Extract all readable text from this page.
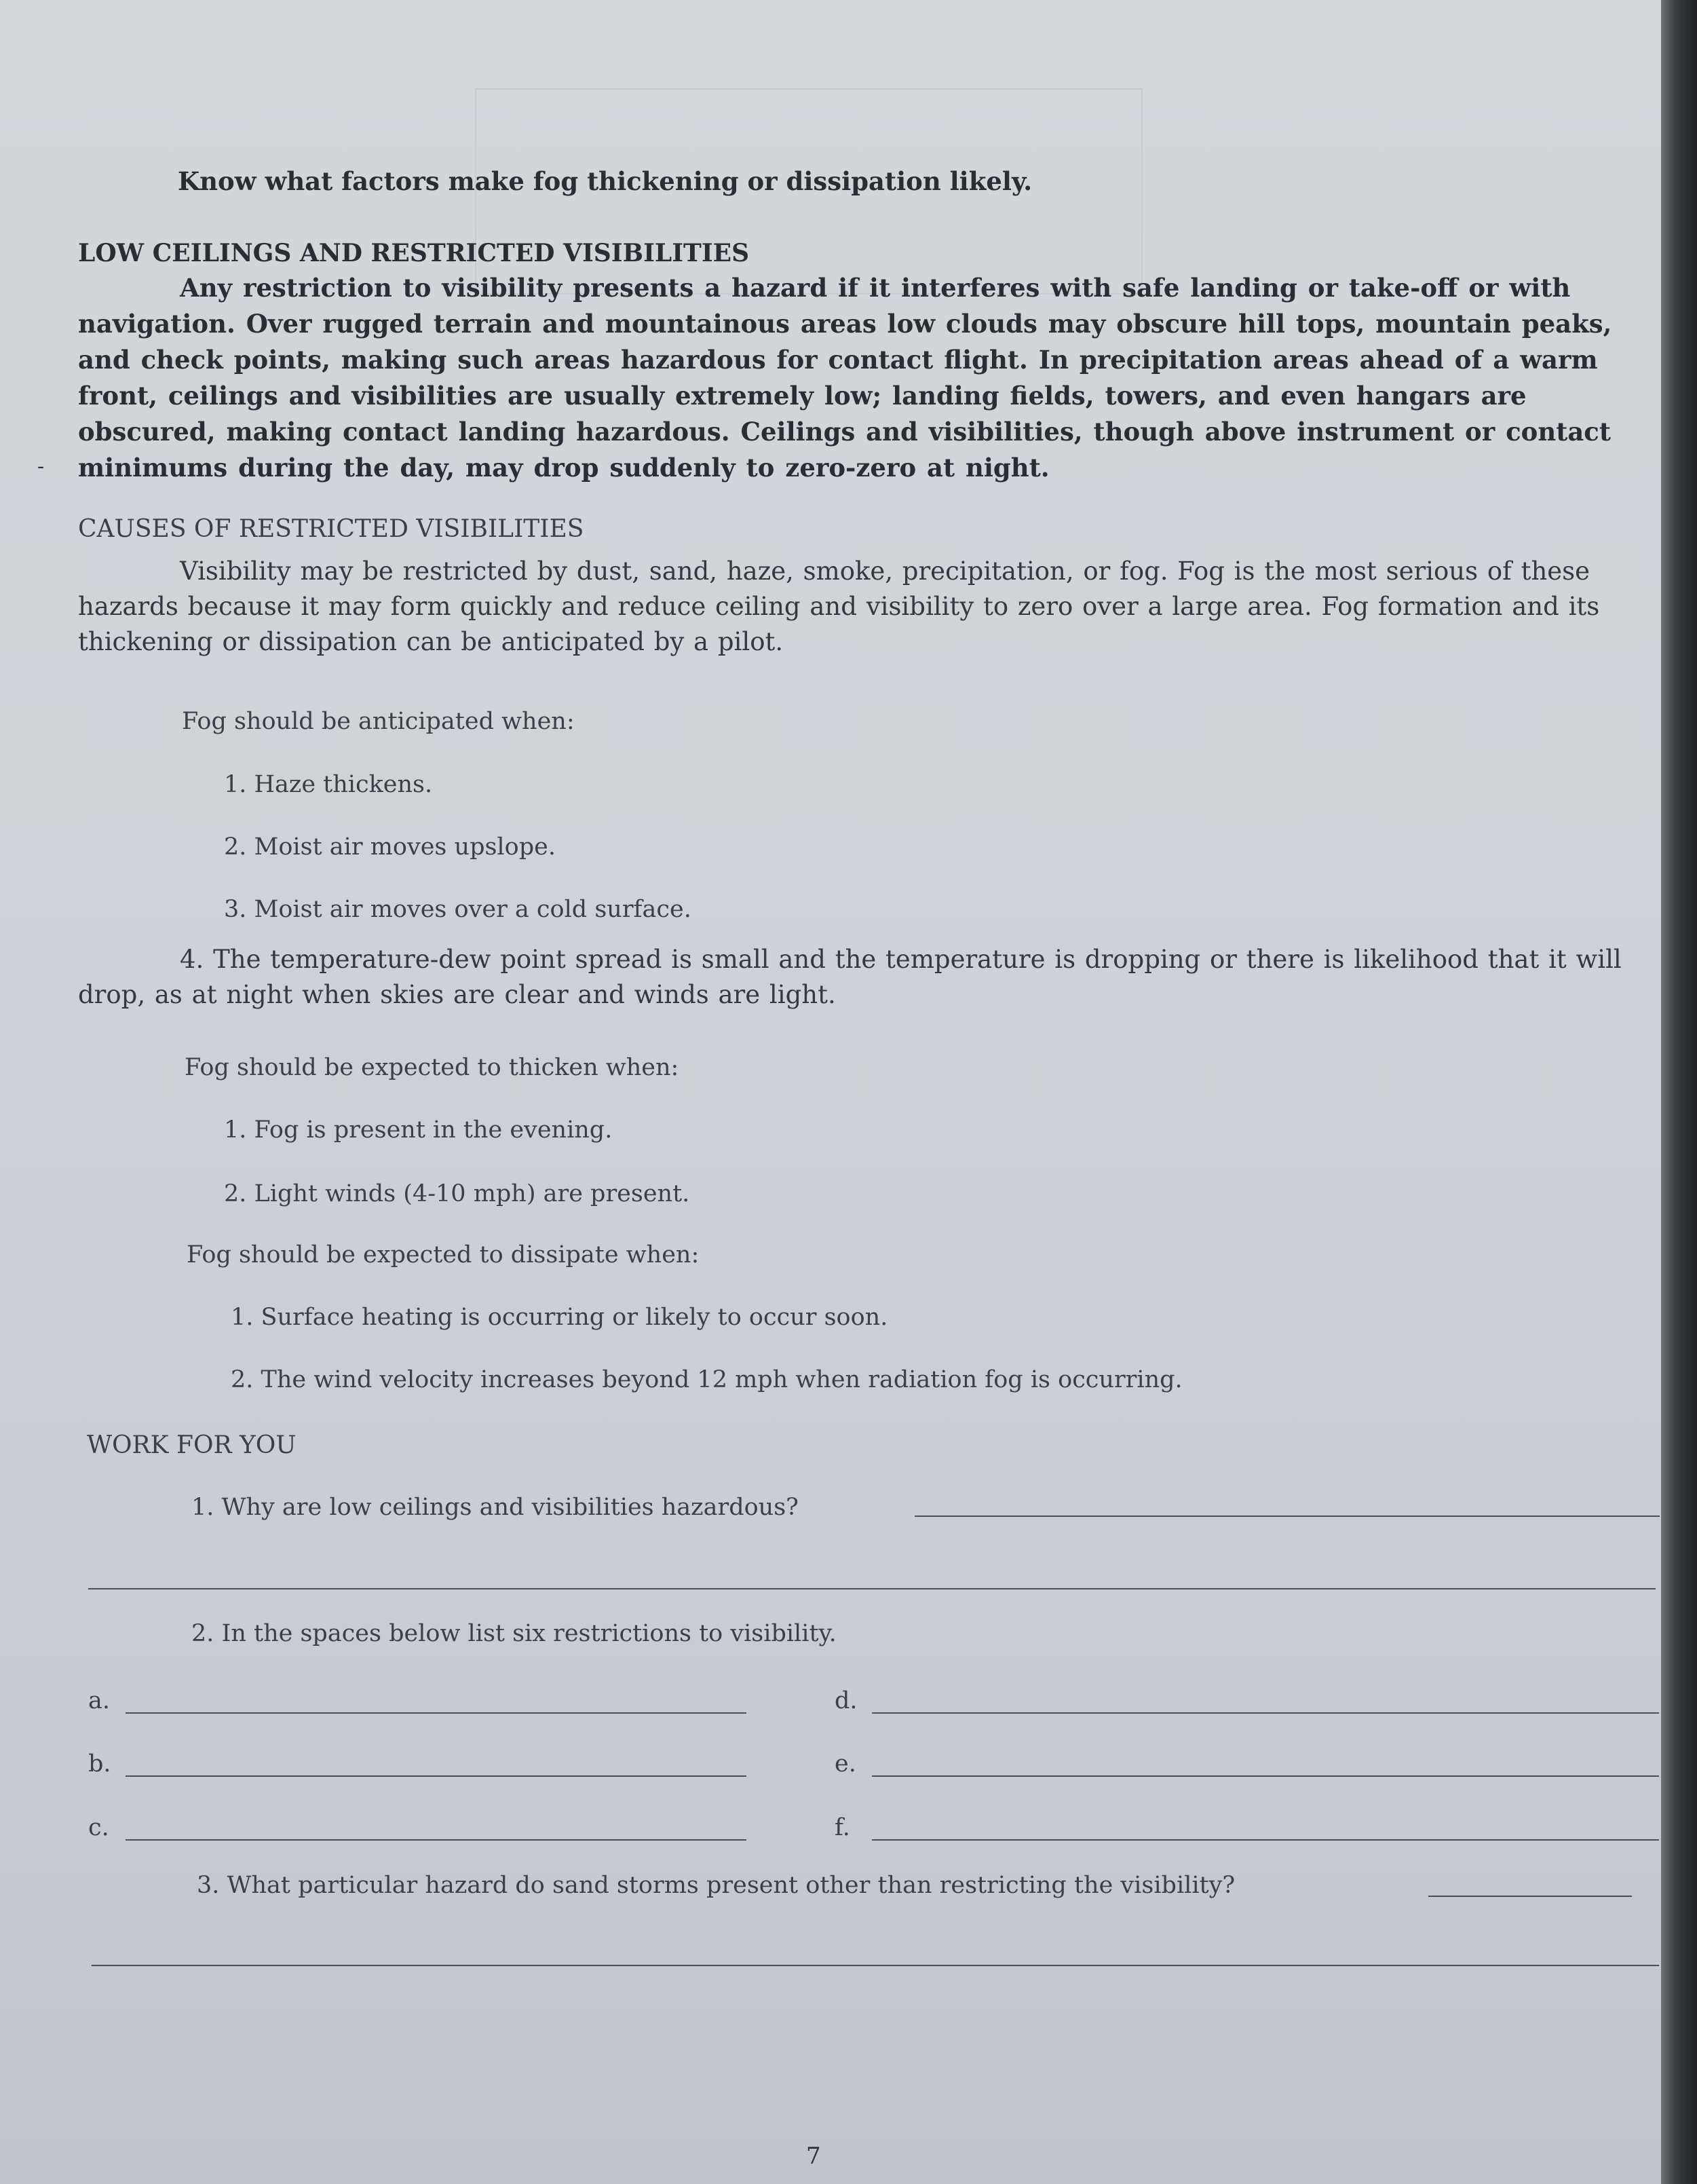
Know what factors make fog thickening or dissipation likely.
LOW CEILINGS AND RESTRICTED VISIBILITIES
Any restriction to visibility presents a hazard if it interferes with safe landing or take-off or with navigation. Over rugged terrain and mountainous areas low clouds may obscure hill tops, mountain peaks, and check points, making such areas hazardous for contact flight. In precipitation areas ahead of a warm front, ceilings and visibilities are usually extremely low; landing fields, towers, and even hangars are obscured, making contact landing hazardous. Ceilings and visibilities, though above instrument or contact minimums during the day, may drop suddenly to zero-zero at night.
-
CAUSES OF RESTRICTED VISIBILITIES
Visibility may be restricted by dust, sand, haze, smoke, precipitation, or fog. Fog is the most serious of these hazards because it may form quickly and reduce ceiling and visibility to zero over a large area. Fog formation and its thickening or dissipation can be anticipated by a pilot.
Fog should be anticipated when:
1. Haze thickens.
2. Moist air moves upslope.
3. Moist air moves over a cold surface.
4. The temperature-dew point spread is small and the temperature is dropping or there is likelihood that it will drop, as at night when skies are clear and winds are light.
Fog should be expected to thicken when:
1. Fog is present in the evening.
2. Light winds (4-10 mph) are present.
Fog should be expected to dissipate when:
1. Surface heating is occurring or likely to occur soon.
2. The wind velocity increases beyond 12 mph when radiation fog is occurring.
WORK FOR YOU
1. Why are low ceilings and visibilities hazardous?
2. In the spaces below list six restrictions to visibility.
a.
b.
c.
d.
e.
f.
3. What particular hazard do sand storms present other than restricting the visibility?
7
